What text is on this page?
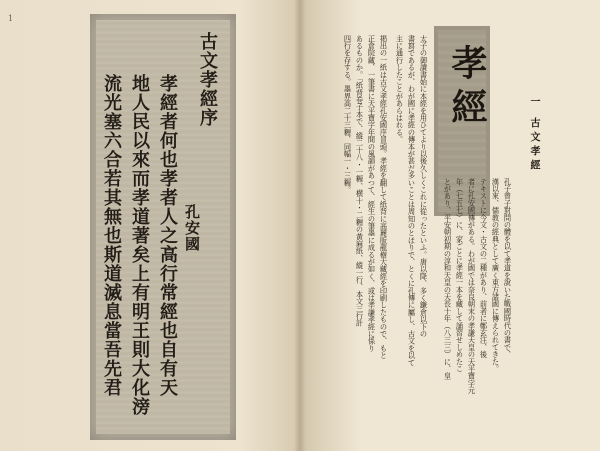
1
古文孝經序
孔安國
流光塞六合若其無也斯道滅息當吾先君 地人民以來而孝道著矣上有明王則大化滂 孝經者何也孝者人之高行常經也自有天	孝經
一 古文孝經
孔子曾子對問の體を以て孝道を說いた戰國時代の書で、
漢以來、儒教の經典として廣く東方諸國に傳えられてきた。
テキストに今文・古文の二種があり、前者に鄭玄注、後
者に孔安國傳がある。わが國では奈良朝末の孝謙天皇の天平寶字元
年（七五七）に、家ごとに孝經一本を藏して誦習せしめたこ
とがあり、平安朝初期の淳和天皇の天長十年（八三三）に、皇
太子の御讀書始に本經を用ひてより以後久しくこれに從ったといふ。唐以降、多く鎌倉以下の
書寫であるが、わが國に孝經の傳本が甚だ多いことは周知のとほりで、とくに孔傳に屬し、古文を以て
主に通行したことがあらはれる。
掲出の一紙は古文孝經孔安國序冒頭。孝經を翻して紙背に高麗版龍樹大藏經を印刷したもので、もと
正倉院藏、一筆書に天平寶字年間の風韻があつて、經生の筆墨に成るが如く、或は孝謙孝經に係り
あるものか。「紙背卷子本で、縱二十八・一糎、横十・二糎の黃麻紙、縱一行、本文三行計
四行を存する。墨界高二十三糎、同幅一・三糎。
